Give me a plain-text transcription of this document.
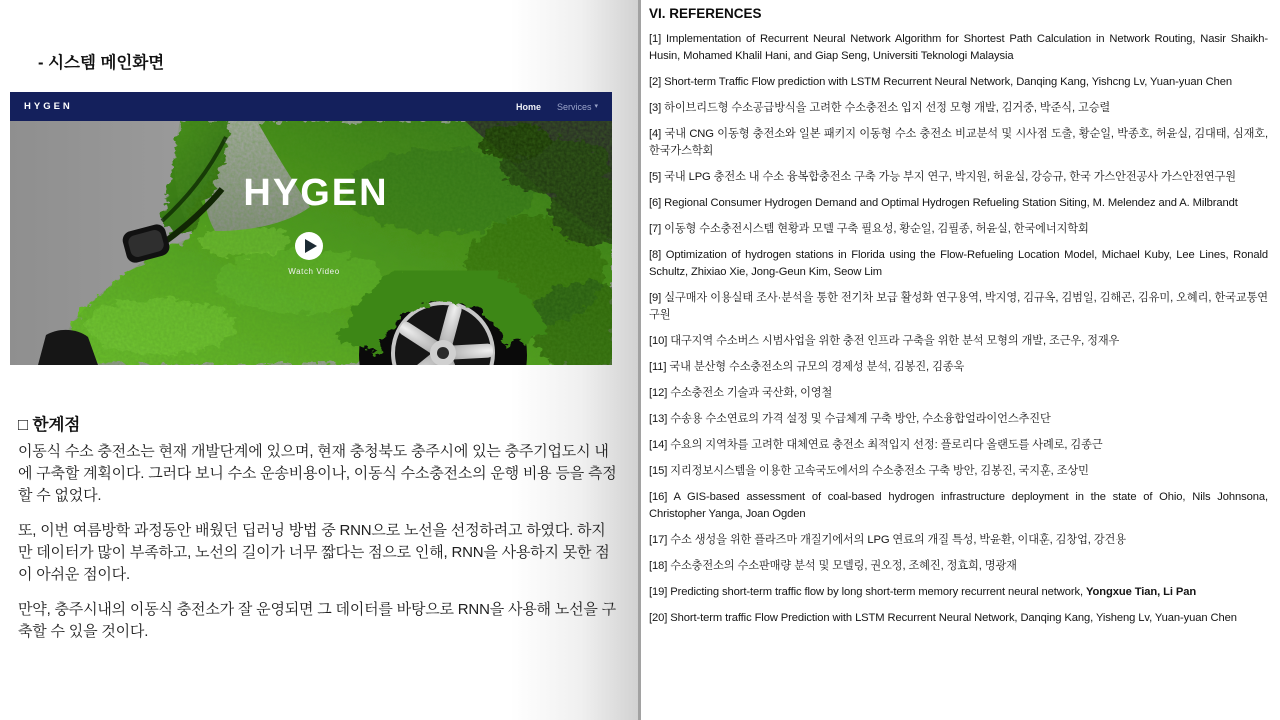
- 시스템 메인화면
HYGEN	Home Services ▾
HYGEN
Watch Video
□ 한계점

이동식 수소 충전소는 현재 개발단계에 있으며, 현재 충청북도 충주시에 있는 충주기업도시 내에 구축할 계획이다. 그러다 보니 수소 운송비용이나, 이동식 수소충전소의 운행 비용 등을 측정할 수 없었다.

또, 이번 여름방학 과정동안 배웠던 딥러닝 방법 중 RNN으로 노선을 선정하려고 하였다. 하지만 데이터가 많이 부족하고, 노선의 길이가 너무 짧다는 점으로 인해, RNN을 사용하지 못한 점이 아쉬운 점이다.

만약, 충주시내의 이동식 충전소가 잘 운영되면 그 데이터를 바탕으로 RNN을 사용해 노선을 구축할 수 있을 것이다.

VI. REFERENCES

[1] Implementation of Recurrent Neural Network Algorithm for Shortest Path Calculation in Network Routing, Nasir Shaikh-Husin, Mohamed Khalil Hani, and Giap Seng, Universiti Teknologi Malaysia

[2] Short-term Traffic Flow prediction with LSTM Recurrent Neural Network, Danqing Kang, Yishcng Lv, Yuan-yuan Chen

[3] 하이브리드형 수소공급방식을 고려한 수소충전소 입지 선정 모형 개발, 김거중, 박준식, 고승렬

[4] 국내 CNG 이동형 충전소와 일본 패키지 이동형 수소 충전소 비교분석 및 시사점 도출, 황순일, 박종호, 허윤실, 김대태, 심재호, 한국가스학회

[5] 국내 LPG 충전소 내 수소 융복합충전소 구축 가능 부지 연구, 박지원, 허윤실, 강승규, 한국 가스안전공사 가스안전연구원

[6] Regional Consumer Hydrogen Demand and Optimal Hydrogen Refueling Station Siting, M. Melendez and A. Milbrandt

[7] 이동형 수소충전시스템 현황과 모델 구축 필요성, 황순일, 김필종, 허윤실, 한국에너지학회

[8] Optimization of hydrogen stations in Florida using the Flow-Refueling Location Model, Michael Kuby, Lee Lines, Ronald Schultz, Zhixiao Xie, Jong-Geun Kim, Seow Lim

[9] 실구매자 이용실태 조사·분석을 통한 전기차 보급 활성화 연구용역, 박지영, 김규옥, 김범일, 김해곤, 김유미, 오혜리, 한국교통연구원

[10] 대구지역 수소버스 시범사업을 위한 충전 인프라 구축을 위한 분석 모형의 개발, 조근우, 정재우

[11] 국내 분산형 수소충전소의 규모의 경제성 분석, 김봉진, 김종욱

[12] 수소충전소 기술과 국산화, 이영철

[13] 수송용 수소연료의 가격 설정 및 수급체계 구축 방안, 수소융합얼라이언스추진단

[14] 수요의 지역차를 고려한 대체연료 충전소 최적입지 선정: 플로리다 올랜도를 사례로, 김종근

[15] 지리정보시스템을 이용한 고속국도에서의 수소충전소 구축 방안, 김봉진, 국지훈, 조상민

[16] A GIS-based assessment of coal-based hydrogen infrastructure deployment in the state of Ohio, Nils Johnsona, Christopher Yanga, Joan Ogden

[17] 수소 생성을 위한 플라즈마 개질기에서의 LPG 연료의 개질 특성, 박윤환, 이대훈, 김창업, 강건용

[18] 수소충전소의 수소판매량 분석 및 모델링, 권오정, 조혜진, 정효희, 명광재

[19] Predicting short-term traffic flow by long short-term memory recurrent neural network, Yongxue Tian, Li Pan

[20] Short-term traffic Flow Prediction with LSTM Recurrent Neural Network, Danqing Kang, Yisheng Lv, Yuan-yuan Chen
